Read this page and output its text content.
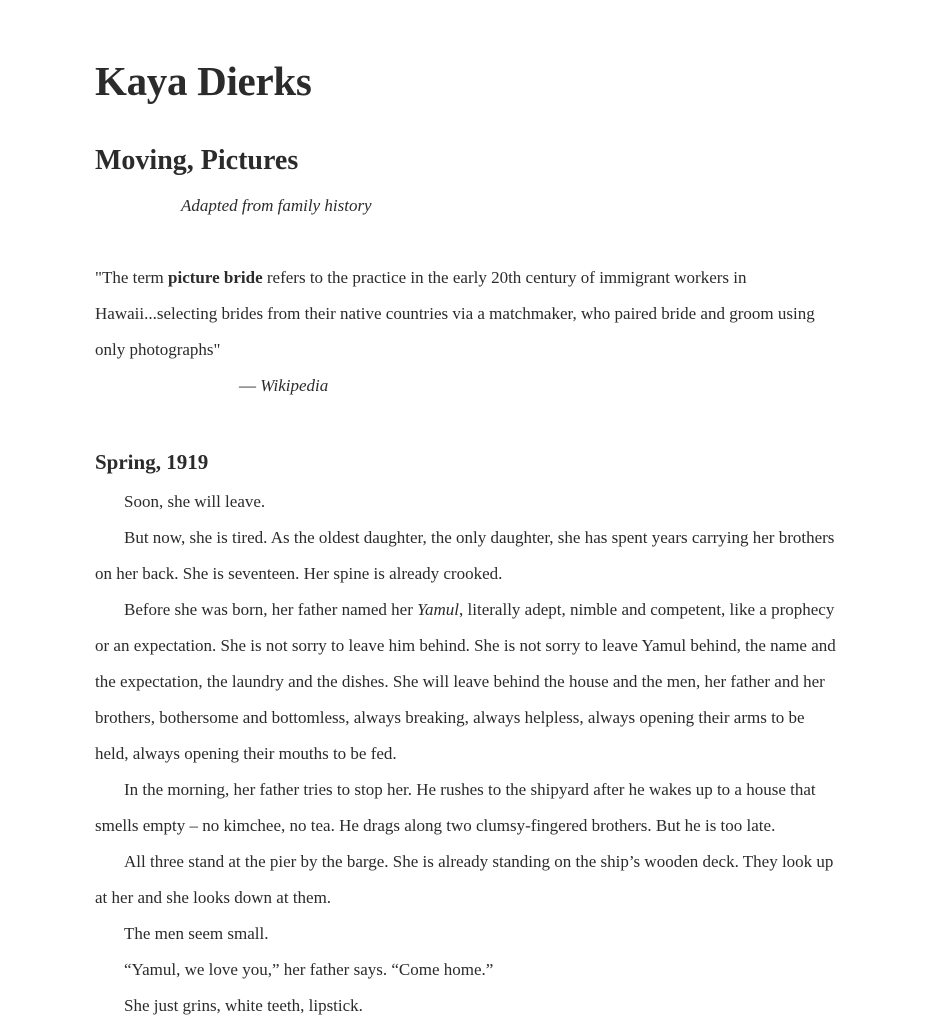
Kaya Dierks
Moving, Pictures
Adapted from family history
"The term picture bride refers to the practice in the early 20th century of immigrant workers in Hawaii...selecting brides from their native countries via a matchmaker, who paired bride and groom using only photographs"
— Wikipedia
Spring, 1919

Soon, she will leave.

But now, she is tired. As the oldest daughter, the only daughter, she has spent years carrying her brothers on her back. She is seventeen. Her spine is already crooked.

Before she was born, her father named her Yamul, literally adept, nimble and competent, like a prophecy or an expectation. She is not sorry to leave him behind. She is not sorry to leave Yamul behind, the name and the expectation, the laundry and the dishes. She will leave behind the house and the men, her father and her brothers, bothersome and bottomless, always breaking, always helpless, always opening their arms to be held, always opening their mouths to be fed.

In the morning, her father tries to stop her. He rushes to the shipyard after he wakes up to a house that smells empty – no kimchee, no tea. He drags along two clumsy-fingered brothers. But he is too late.

All three stand at the pier by the barge. She is already standing on the ship’s wooden deck. They look up at her and she looks down at them.

The men seem small.

“Yamul, we love you,” her father says. “Come home.”

She just grins, white teeth, lipstick.
